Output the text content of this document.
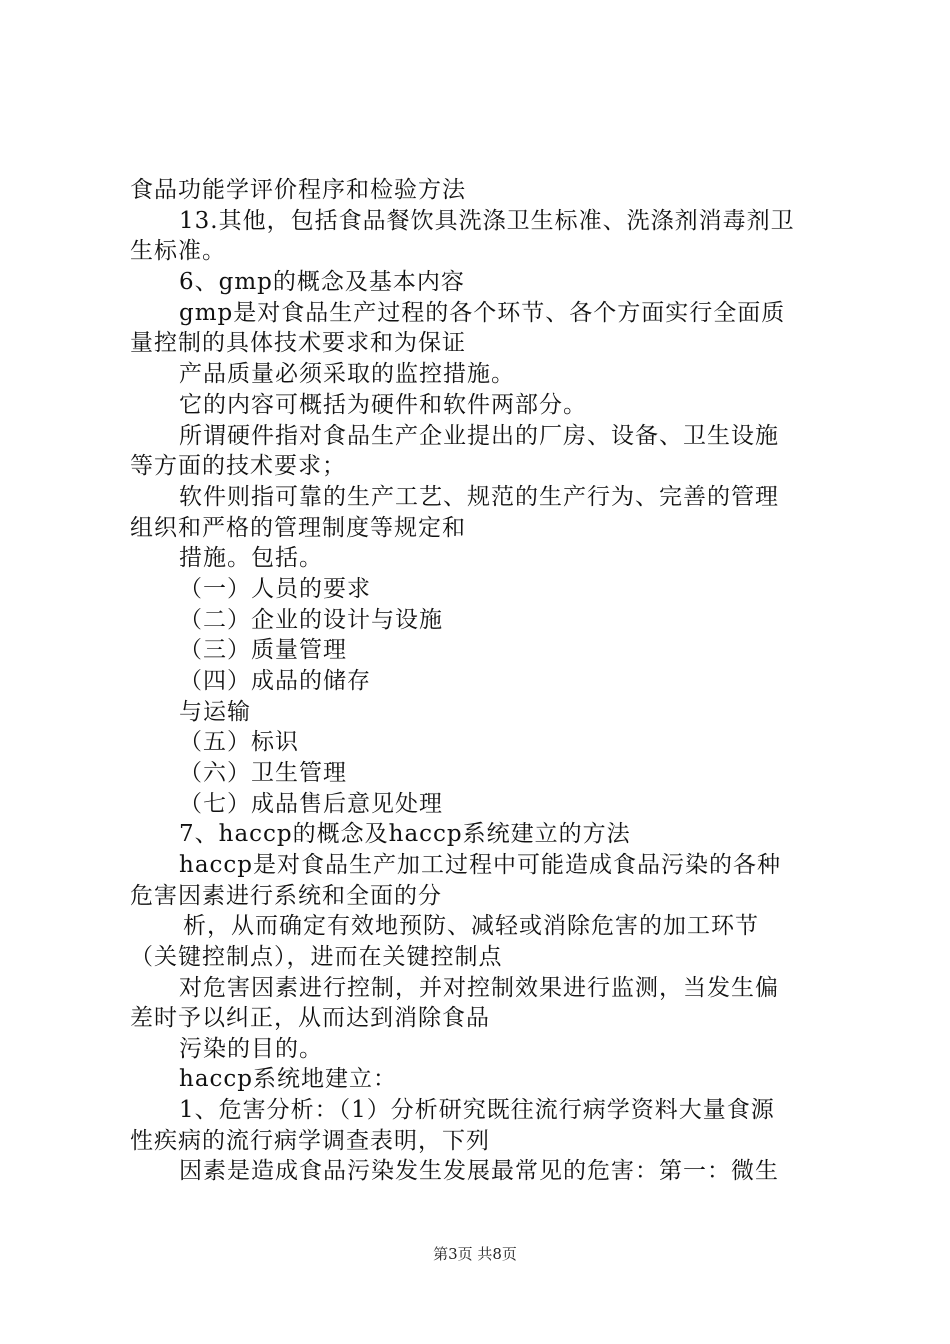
食品功能学评价程序和检验方法
13.其他，包括食品餐饮具洗涤卫生标准、洗涤剂消毒剂卫
生标准。
6、gmp的概念及基本内容
gmp是对食品生产过程的各个环节、各个方面实行全面质
量控制的具体技术要求和为保证
产品质量必须采取的监控措施。
它的内容可概括为硬件和软件两部分。
所谓硬件指对食品生产企业提出的厂房、设备、卫生设施
等方面的技术要求；
软件则指可靠的生产工艺、规范的生产行为、完善的管理
组织和严格的管理制度等规定和
措施。包括。
（一）人员的要求
（二）企业的设计与设施
（三）质量管理
（四）成品的储存
与运输
（五）标识
（六）卫生管理
（七）成品售后意见处理
7、haccp的概念及haccp系统建立的方法
haccp是对食品生产加工过程中可能造成食品污染的各种
危害因素进行系统和全面的分
析，从而确定有效地预防、减轻或消除危害的加工环节
（关键控制点），进而在关键控制点
对危害因素进行控制，并对控制效果进行监测，当发生偏
差时予以纠正，从而达到消除食品
污染的目的。
haccp系统地建立：
1、危害分析：（1）分析研究既往流行病学资料大量食源
性疾病的流行病学调查表明，下列
因素是造成食品污染发生发展最常见的危害：第一：微生
第3页 共8页
